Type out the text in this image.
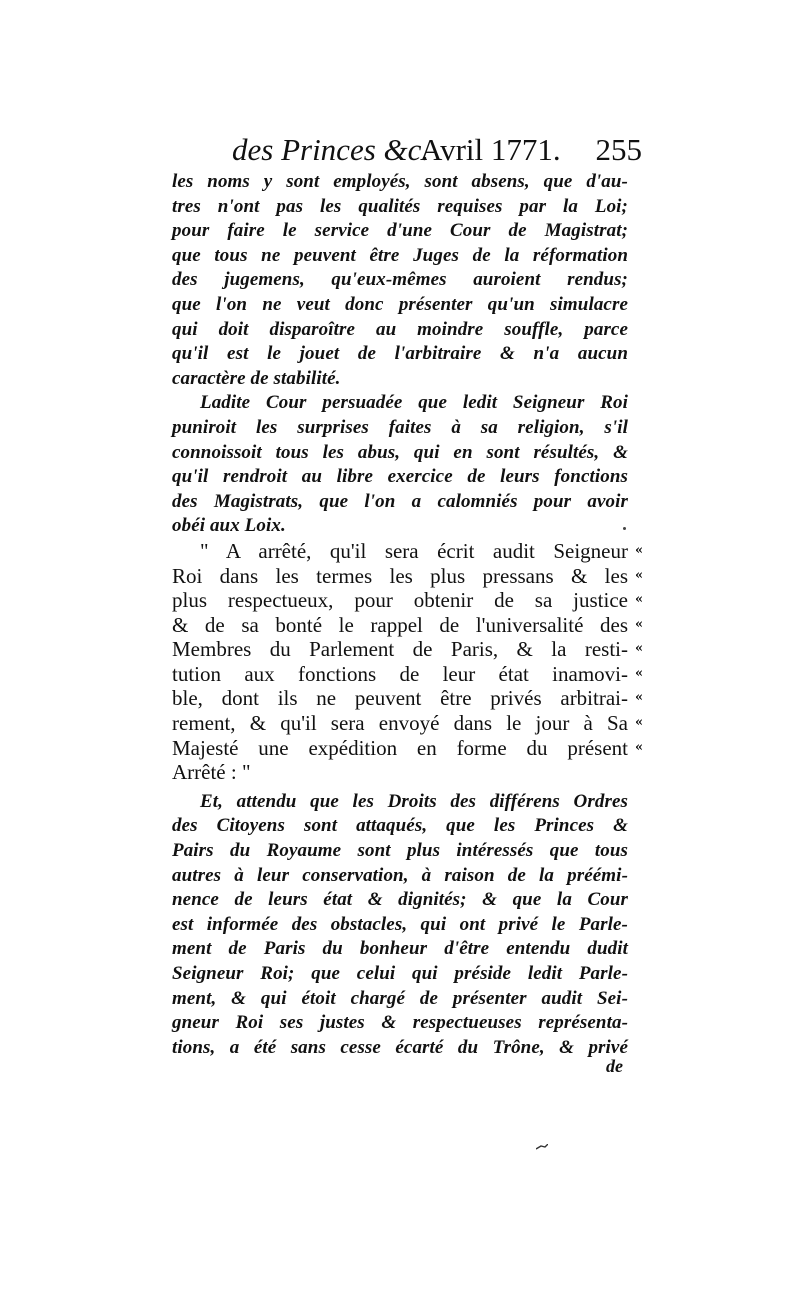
des Princes &c.
Avril 1771. 255
les noms y sont employés, sont absens, que d'au-
tres n'ont pas les qualités requises par la Loi;
pour faire le service d'une Cour de Magistrat;
que tous ne peuvent être Juges de la réformation
des jugemens, qu'eux-mêmes auroient rendus;
que l'on ne veut donc présenter qu'un simulacre
qui doit disparoître au moindre souffle, parce
qu'il est le jouet de l'arbitraire & n'a aucun
caractère de stabilité.
Ladite Cour persuadée que ledit Seigneur Roi
puniroit les surprises faites à sa religion, s'il
connoissoit tous les abus, qui en sont résultés, &
qu'il rendroit au libre exercice de leurs fonctions
des Magistrats, que l'on a calomniés pour avoir
obéi aux Loix.
" A arrêté, qu'il sera écrit audit Seigneur
Roi dans les termes les plus pressans & les
plus respectueux, pour obtenir de sa justice
& de sa bonté le rappel de l'universalité des
Membres du Parlement de Paris, & la resti-
tution aux fonctions de leur état inamovi-
ble, dont ils ne peuvent être privés arbitrai-
rement, & qu'il sera envoyé dans le jour à Sa
Majesté une expédition en forme du présent
Arrêté : "
«
«
«
«
«
«
«
«
«
Et, attendu que les Droits des différens Ordres
des Citoyens sont attaqués, que les Princes &
Pairs du Royaume sont plus intéressés que tous
autres à leur conservation, à raison de la préémi-
nence de leurs état & dignités; & que la Cour
est informée des obstacles, qui ont privé le Parle-
ment de Paris du bonheur d'être entendu dudit
Seigneur Roi; que celui qui préside ledit Parle-
ment, & qui étoit chargé de présenter audit Sei-
gneur Roi ses justes & respectueuses représenta-
tions, a été sans cesse écarté du Trône, & privé
de
